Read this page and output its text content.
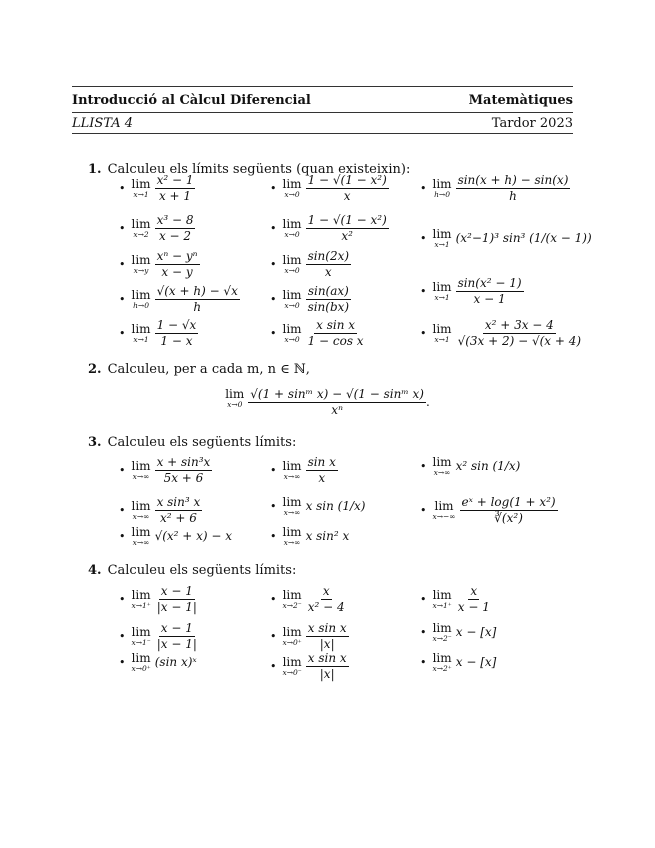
Introducció al Càlcul Diferencial	Matemàtiques
LLISTA 4	Tardor 2023
1. Calculeu els límits següents (quan existeixin):
2. Calculeu, per a cada m, n ∈ ℕ,
lim
$x\to 0 \frac{\text{√(1 + sinᵐ x) − √(1 − sinᵐ x)}}{\text{xⁿ}}$ .
3. Calculeu els següents límits:
4. Calculeu els següents límits:
• lim
$x\to 1 \frac{\text{x² − 1}}{x + 1}$
• lim
$x\to 2 \frac{\text{x³ − 8}}{x - 2}$
• lim
$x\to y \frac{\text{xⁿ − yⁿ}}{x - y}$
• lim
$h\to 0 \frac{√(x + h) - √x}{h}$
• lim
$x\to 1 \frac{1 - √x}{1 - x}$
• lim
$x\to 0 \frac{\text{1 − √(1 − x²)}}{x}$
• lim
$x\to 0 \frac{\text{1 − √(1 − x²)}}{\text{x²}}$
• lim
$x\to 0 \frac{\sin(2x)}{x}$
• lim
$x\to 0 \frac{\sin(ax)}{\sin(bx)}$
• lim
$x\to 0 \frac{\text{x sin x}}{\text{1 − cos x}}$
• lim
$h\to 0 \frac{\sin(x + h) - \sin(x)}{h}$
• lim
x→1 (x²−1)³ sin³ (1/(x − 1))
• lim
$x\to 1 \frac{\text{sin(x² − 1)}}{x - 1}$
• lim
$x\to 1 \frac{\text{x² + 3x − 4}}{√(3x + 2) - √(x + 4)}$
• lim
$x\to\infty \frac{\text{x + sin³x}}{5x + 6}$
• lim
$x\to\infty \frac{\text{x sin³ x}}{\text{x² + 6}}$
• lim
x→∞ √(x² + x) − x
• lim
$x\to\infty \frac{\text{sin x}}{x}$
• lim
x→∞ x sin (1/x)
• lim
x→∞ x sin² x
• lim
x→∞ x² sin (1/x)
• lim
$x\to-\infty \frac{\text{eˣ + log(1 + x²)}}{\text{∛(x²)}}$
• lim
$x\to 1^+ \frac{x - 1}{|x - 1|}$
• lim
$x\to 1^- \frac{x - 1}{|x - 1|}$
• lim
x→0⁺ (sin x)ˣ
• lim
$x\to 2^- \frac{x}{\text{x² − 4}}$
• lim
$x\to 0^+ \frac{\text{x sin x}}{|x|}$
• lim
$x\to 0^- \frac{\text{x sin x}}{|x|}$
• lim
$x\to 1^+ \frac{x}{x - 1}$
• lim
x→2⁻ x − [x]
• lim
x→2⁺ x − [x]
